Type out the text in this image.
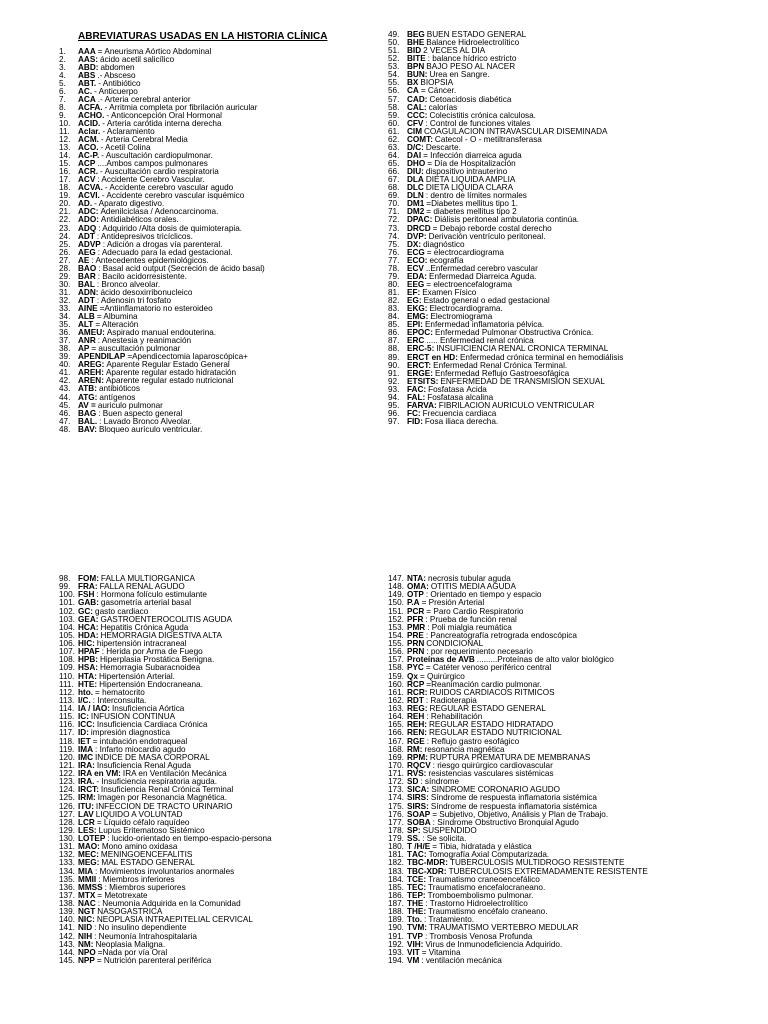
ABREVIATURAS USADAS EN LA HISTORIA CLÍNICA
1.	AAA = Aneurisma Aórtico Abdominal
2.	AAS: ácido acetil salicílico
3.	ABD: abdomen
4.	ABS .- Absceso
5.	ABT. - Antibiótico
6.	AC. - Anticuerpo
7.	ACA .- Arteria cerebral anterior
8.	ACFA. - Arritmia completa por fibrilación auricular
9.	ACHO. - Anticoncepción Oral Hormonal
10. ACID. - Arteria carótida interna derecha
11.	Aclar. - Aclaramiento
12. ACM. - Arteria Cerebral Media
13. ACO. - Acetil Colina
14. AC-P. - Auscultación cardiopulmonar.
15. ACP ....Ambos campos pulmonares
16. ACR. - Auscultación cardio respiratoria
17. ACV : Accidente Cerebro Vascular.
18. ACVA. - Accidente cerebro vascular agudo
19. ACVI. - Accidente cerebro vascular isquémico
20. AD. - Aparato digestivo.
21. ADC: Adenilciclasa / Adenocarcinoma.
22. ADO: Antidiabéticos orales.
23. ADQ : Adquirido /Alta dosis de quimioterapia.
24. ADT : Antidepresivos tricíclicos.
25. ADVP : Adición a drogas vía parenteral.
26. AEG : Adecuado para la edad gestacional.
27. AE : Antecedentes epidemiológicos.
28. BAO : Basal acid output (Secreción de ácido basal)
29. BAR : Bacilo acidorresistente.
30. BAL : Bronco alveolar.
31. ADN: ácido desoxirribonucleico
32. ADT : Adenosin tri fosfato
33. AINE =Antiinflamatorio no esteroideo
34. ALB = Albumina
35. ALT = Alteración
36. AMEU: Aspirado manual endouterina.
37. ANR : Anestesia y reanimación
38. AP = auscultación pulmonar
39. APENDILAP =Apendicectomia laparoscópica+
40. AREG: Aparente Regular Estado General
41. AREH: Aparente regular estado hidratación
42. AREN: Aparente regular estado nutricional
43. ATB: antibióticos
44. ATG: antígenos
45. AV = auriculo pulmonar
46. BAG : Buen aspecto general
47. BAL. : Lavado Bronco Alveolar.
48. BAV: Bloqueo aurículo ventricular.
49. BEG BUEN ESTADO GENERAL
50. BHE Balance Hidroelectrolítico
51. BID 2 VECES AL DIA
52. BITE : balance hídrico estricto
53. BPN BAJO PESO AL NACER
54. BUN: Urea en Sangre.
55. BX BIOPSIA
56. CA = Cáncer.
57. CAD: Cetoacidosis diabética
58. CAL: calorías
59. CCC: Colecistitis crónica calculosa.
60. CFV : Control de funciones vitales
61. CIM COAGULACION INTRAVASCULAR DISEMINADA
62. COMT: Catecol - O - metiltransferasa
63. D/C: Descarte.
64. DAI = Infección diarreica aguda
65. DHO = Día de Hospitalización
66. DIU: dispositivo intrauterino
67. DLA DIETA LIQUIDA AMPLIA
68. DLC DIETA LIQUIDA CLARA
69. DLN : dentro de límites normales
70. DM1 =Diabetes mellitus tipo 1.
71. DM2 = diabetes mellitus tipo 2
72. DPAC: Diálisis peritoneal ambulatoria continúa.
73. DRCD = Debajo reborde costal derecho
74. DVP: Derivación ventrículo peritoneal.
75. DX: diagnóstico
76. ECG = electrocardiograma
77. ECO: ecografía
78. ECV ..Enfermedad cerebro vascular
79. EDA: Enfermedad Diarreica Aguda.
80. EEG = electroencefalograma
81. EF: Examen Físico
82. EG: Estado general o edad gestacional
83. EKG: Electrocardiograma.
84. EMG: Electromiograma
85. EPI: Enfermedad inflamatoria pélvica.
86. EPOC: Enfermedad Pulmonar Obstructiva Crónica.
87. ERC ..... Enfermedad renal crónica
88. ERC-5: INSUFICIENCIA RENAL CRONICA TERMINAL
89. ERCT en HD: Enfermedad crónica terminal en hemodiálisis
90. ERCT: Enfermedad Renal Crónica Terminal.
91. ERGE: Enfermedad Reflujo Gastroesofágica
92. ETSITS: ENFERMEDAD DE TRANSMISION SEXUAL
93. FAC: Fosfatasa Ácida
94. FAL: Fosfatasa alcalina
95. FARVA: FIBRILACION AURICULO VENTRICULAR
96. FC: Frecuencia cardiaca
97. FID: Fosa iliaca derecha.
98. FOM: FALLA MULTIORGANICA
99. FRA: FALLA RENAL AGUDO
100. FSH : Hormona folículo estimulante
101. GAB: gasometría arterial basal
102. GC: gasto cardiaco
103. GEA: GASTROENTEROCOLITIS AGUDA
104. HCA: Hepatitis Crónica Aguda
105. HDA: HEMORRAGIA DIGESTIVA ALTA
106. HIC: hipertensión intracraneal
107. HPAF : Herida por Arma de Fuego
108. HPB: Hiperplasia Prostática Benigna.
109. HSA: Hemorragia Subaracnoidea
110. HTA: Hipertensión Arterial.
111. HTE: Hipertensión Endocraneana.
112. hto. = hematocrito
113. I/C. : Interconsulta.
114. IA / IAO: Insuficiencia Aórtica
115. IC: INFUSION CONTINUA
116. ICC: Insuficiencia Cardiaca Crónica
117. ID: impresión diagnostica
118. IET = intubación endotraqueal
119. IMA : Infarto miocardio agudo
120. IMC INDICE DE MASA CORPORAL
121. IRA: Insuficiencia Renal Aguda
122. IRA en VM: IRA en Ventilación Mecánica
123. IRA. - Insuficiencia respiratoria aguda.
124. IRCT: Insuficiencia Renal Crónica Terminal
125. IRM: Imagen por Resonancia Magnética.
126. ITU: INFECCION DE TRACTO URINARIO
127. LAV LIQUIDO A VOLUNTAD
128. LCR = Líquido céfalo raquídeo
129. LES: Lupus Eritematoso Sistémico
130. LOTEP : lucido-orientado en tiempo-espacio-persona
131. MAO: Mono amino oxidasa
132. MEC: MENINGOENCEFALITIS
133. MEG: MAL ESTADO GENERAL
134. MIA : Movimientos involuntarios anormales
135. MMII : Miembros inferiores
136. MMSS : Miembros superiores
137. MTX = Metotrexate
138. NAC : Neumonía Adquirida en la Comunidad
139. NGT NASOGASTRICA
140. NIC: NEOPLASIA INTRAEPITELIAL CERVICAL
141. NID : No insulino dependiente
142. NIH : Neumonía Intrahospitalaria
143. NM: Neoplasia Maligna.
144. NPO =Nada por vía Oral
145. NPP = Nutrición parenteral periférica
147. NTA: necrosis tubular aguda
148. OMA: OTITIS MEDIA AGUDA
149. OTP : Orientado en tiempo y espacio
150. P.A = Presión Arterial
151. PCR = Paro Cardio Respiratorio
152. PFR : Prueba de función renal
153. PMR : Poli mialgia reumática
154. PRE : Pancreatografía retrograda endoscópica
155. PRN CONDICIONAL
156. PRN : por requerimiento necesario
157. Proteínas de AVB .........Proteínas de alto valor biológico
158. PYC = Catéter venoso periférico central
159. Qx = Quirúrgico
160. RCP =Reanimación cardio pulmonar.
161. RCR: RUIDOS CARDIACOS RITMICOS
162. RDT : Radioterapia
163. REG: REGULAR ESTADO GENERAL
164. REH : Rehabilitación
165. REH: REGULAR ESTADO HIDRATADO
166. REN: REGULAR ESTADO NUTRICIONAL
167. RGE : Reflujo gastro esofágico
168. RM: resonancia magnética
169. RPM: RUPTURA PREMATURA DE MEMBRANAS
170. RQCV : riesgo quirúrgico cardiovascular
171. RVS: resistencias vasculares sistémicas
172. SD : síndrome
173. SICA: SINDROME CORONARIO AGUDO
174. SIRS: Síndrome de respuesta inflamatoria sistémica
175. SIRS: Síndrome de respuesta inflamatoria sistémica
176. SOAP = Subjetivo, Objetivo, Análisis y Plan de Trabajo.
177. SOBA : Síndrome Obstructivo Bronquial Agudo
178. SP: SUSPENDIDO
179. SS. : Se solicita.
180. T /H/E = Tibia, hidratada y elástica
181. TÁC: Tomografía Axial Computarizada.
182. TBC-MDR: TUBERCULOSIS MULTIDROGO RESISTENTE
183. TBC-XDR: TUBERCULOSIS EXTREMADAMENTE RESISTENTE
184. TCE: Traumatismo craneoencefálico
185. TEC: Traumatismo encefalocraneano.
186. TEP: Tromboembolismo pulmonar.
187. THE : Trastorno Hidroelectrolítico
188. THE: Traumatismo encéfalo craneano.
189. Tto. : Tratamiento.
190. TVM: TRAUMATISMO VERTEBRO MEDULAR
191. TVP : Trombosis Venosa Profunda
192. VIH: Virus de Inmunodeficiencia Adquirido.
193. VIT = Vitamina
194. VM : ventilación mecánica
